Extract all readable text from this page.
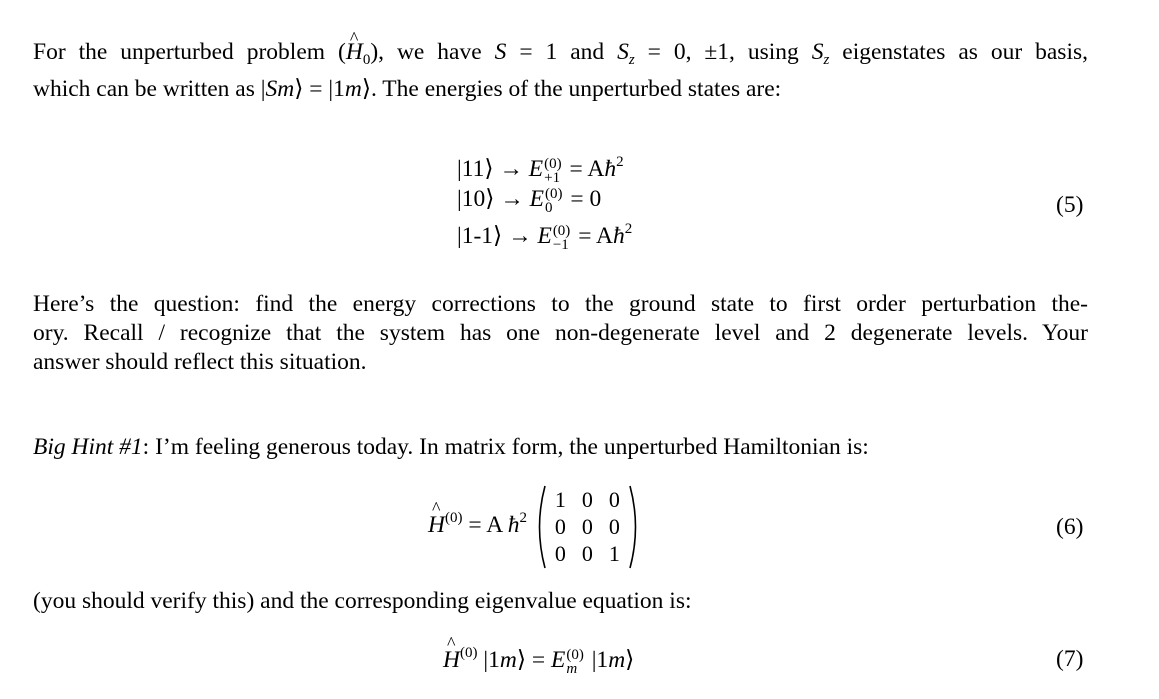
For the unperturbed problem (^ $H_0$), we have S = 1 and $S_z = 0$, ±1, using $S_z$ eigenstates as our basis,
which can be written as |Sm⟩ = |1m⟩. The energies of the unperturbed states are:
|11⟩ → E (0)
$+1 = Aħ^2$
|10⟩ → E (0)
0 = 0
|1-1⟩ → E (0)
$-1 = Aħ^2$
(5)
Here’s the question: find the energy corrections to the ground state to first order perturbation the-
ory. Recall / recognize that the system has one non-degenerate level and 2 degenerate levels. Your
answer should reflect this situation.
Big Hint #1: I’m feeling generous today. In matrix form, the unperturbed Hamiltonian is:
^ $H^{(0)} = A$ $ħ^2$
1	0	0
0	0	0
0	0	1
(6)
(you should verify this) and the corresponding eigenvalue equation is:
^ $H^{(0)}$ |1m⟩ = E (0)
m |1m⟩	(7)
